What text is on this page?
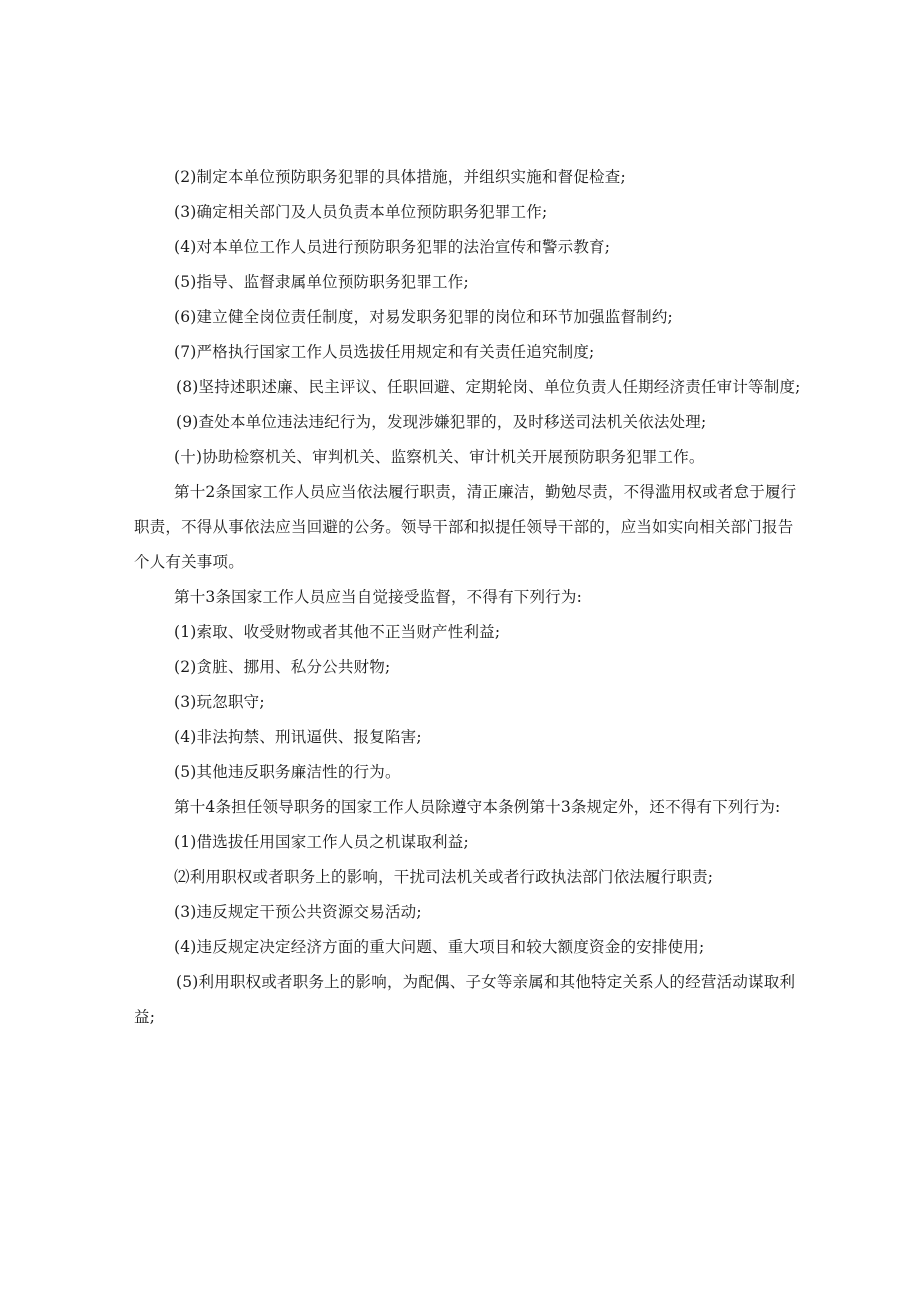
(2)制定本单位预防职务犯罪的具体措施，并组织实施和督促检查;

(3)确定相关部门及人员负责本单位预防职务犯罪工作;

(4)对本单位工作人员进行预防职务犯罪的法治宣传和警示教育;

(5)指导、监督隶属单位预防职务犯罪工作;

(6)建立健全岗位责任制度，对易发职务犯罪的岗位和环节加强监督制约;

(7)严格执行国家工作人员选拔任用规定和有关责任追究制度;

(8)坚持述职述廉、民主评议、任职回避、定期轮岗、单位负责人任期经济责任审计等制度;

(9)查处本单位违法违纪行为，发现涉嫌犯罪的，及时移送司法机关依法处理;

(十)协助检察机关、审判机关、监察机关、审计机关开展预防职务犯罪工作。

第十2条国家工作人员应当依法履行职责，清正廉洁，勤勉尽责，不得滥用权或者怠于履行职责，不得从事依法应当回避的公务。领导干部和拟提任领导干部的，应当如实向相关部门报告个人有关事项。

第十3条国家工作人员应当自觉接受监督，不得有下列行为:

(1)索取、收受财物或者其他不正当财产性利益;

(2)贪脏、挪用、私分公共财物;

(3)玩忽职守;

(4)非法拘禁、刑讯逼供、报复陷害;

(5)其他违反职务廉洁性的行为。

第十4条担任领导职务的国家工作人员除遵守本条例第十3条规定外，还不得有下列行为:

(1)借选拔任用国家工作人员之机谋取利益;

⑵利用职权或者职务上的影响，干扰司法机关或者行政执法部门依法履行职责;

(3)违反规定干预公共资源交易活动;

(4)违反规定决定经济方面的重大问题、重大项目和较大额度资金的安排使用;

(5)利用职权或者职务上的影响，为配偶、子女等亲属和其他特定关系人的经营活动谋取利益;
